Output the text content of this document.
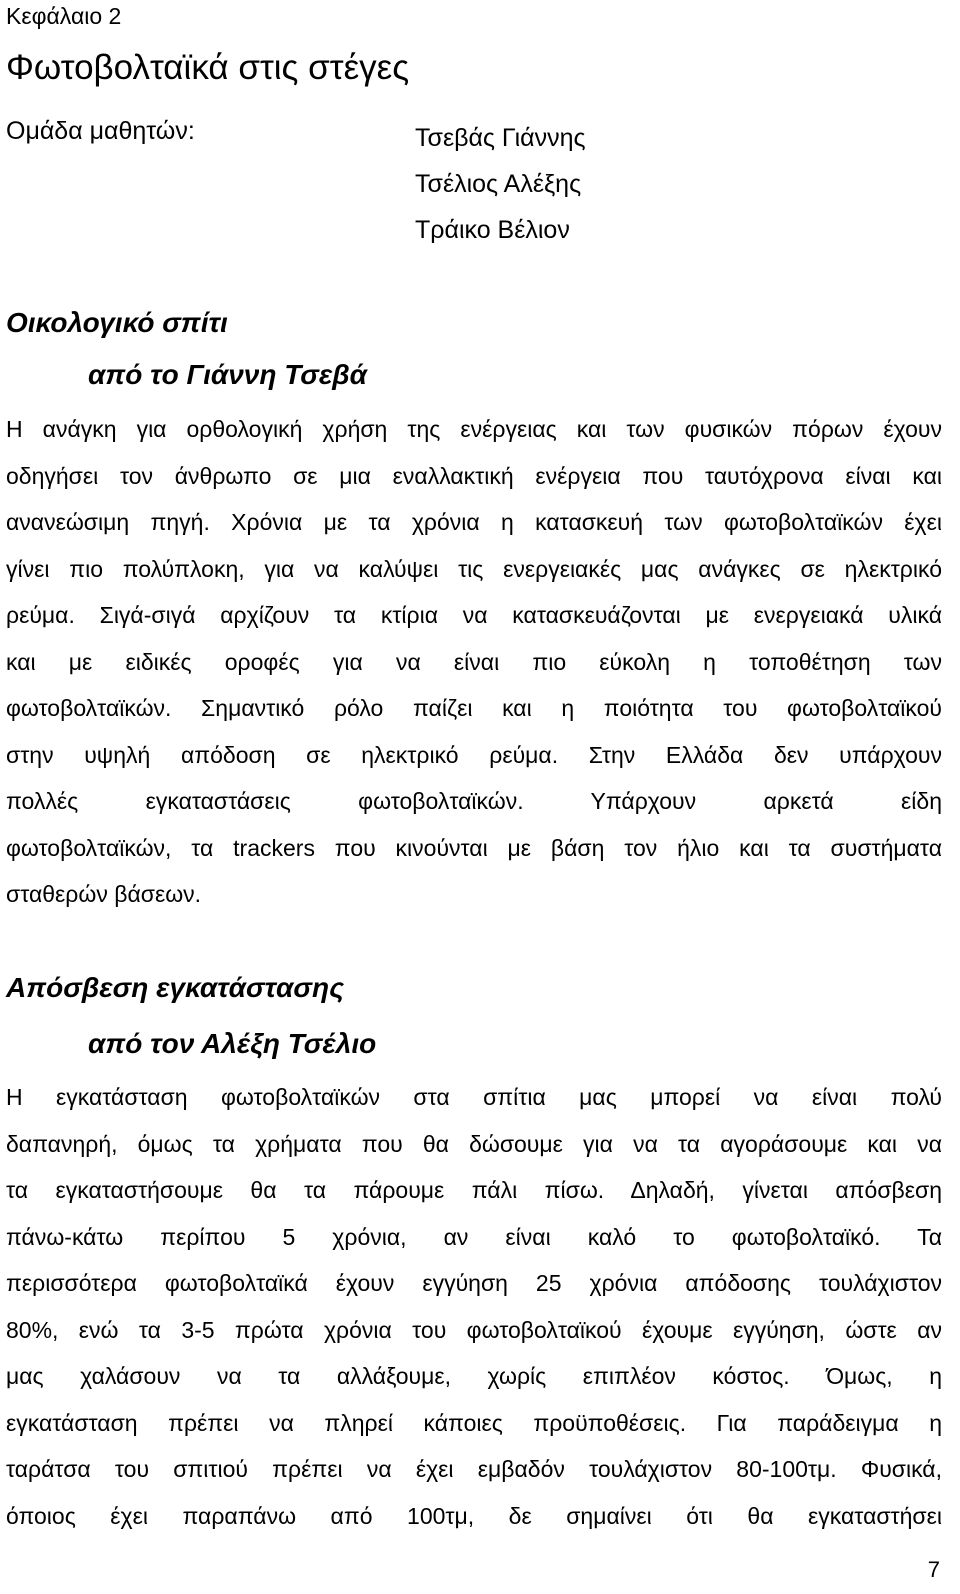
Κεφάλαιο 2
Φωτοβολταϊκά στις στέγες
Ομάδα μαθητών:	Τσεβάς Γιάννης
Τσέλιος Αλέξης
Τράικο Βέλιον
Οικολογικό σπίτι
από το Γιάννη Τσεβά
Η ανάγκη για ορθολογική χρήση της ενέργειας και των φυσικών πόρων έχουν
οδηγήσει τον άνθρωπο σε μια εναλλακτική ενέργεια που ταυτόχρονα είναι και
ανανεώσιμη πηγή. Χρόνια με τα χρόνια η κατασκευή των φωτοβολταϊκών έχει
γίνει πιο πολύπλοκη, για να καλύψει τις ενεργειακές μας ανάγκες σε ηλεκτρικό
ρεύμα. Σιγά-σιγά αρχίζουν τα κτίρια να κατασκευάζονται με ενεργειακά υλικά
και με ειδικές οροφές για να είναι πιο εύκολη η τοποθέτηση των
φωτοβολταϊκών. Σημαντικό ρόλο παίζει και η ποιότητα του φωτοβολταϊκού
στην υψηλή απόδοση σε ηλεκτρικό ρεύμα. Στην Ελλάδα δεν υπάρχουν
πολλές εγκαταστάσεις φωτοβολταϊκών. Υπάρχουν αρκετά είδη
φωτοβολταϊκών, τα trackers που κινούνται με βάση τον ήλιο και τα συστήματα
σταθερών βάσεων.
Απόσβεση εγκατάστασης
από τον Αλέξη Τσέλιο
Η εγκατάσταση φωτοβολταϊκών στα σπίτια μας μπορεί να είναι πολύ
δαπανηρή, όμως τα χρήματα που θα δώσουμε για να τα αγοράσουμε και να
τα εγκαταστήσουμε θα τα πάρουμε πάλι πίσω. Δηλαδή, γίνεται απόσβεση
πάνω-κάτω περίπου 5 χρόνια, αν είναι καλό το φωτοβολταϊκό. Τα
περισσότερα φωτοβολταϊκά έχουν εγγύηση 25 χρόνια απόδοσης τουλάχιστον
80%, ενώ τα 3-5 πρώτα χρόνια του φωτοβολταϊκού έχουμε εγγύηση, ώστε αν
μας χαλάσουν να τα αλλάξουμε, χωρίς επιπλέον κόστος. Όμως, η
εγκατάσταση πρέπει να πληρεί κάποιες προϋποθέσεις. Για παράδειγμα η
ταράτσα του σπιτιού πρέπει να έχει εμβαδόν τουλάχιστον 80-100τμ. Φυσικά,
όποιος έχει παραπάνω από 100τμ, δε σημαίνει ότι θα εγκαταστήσει
7
